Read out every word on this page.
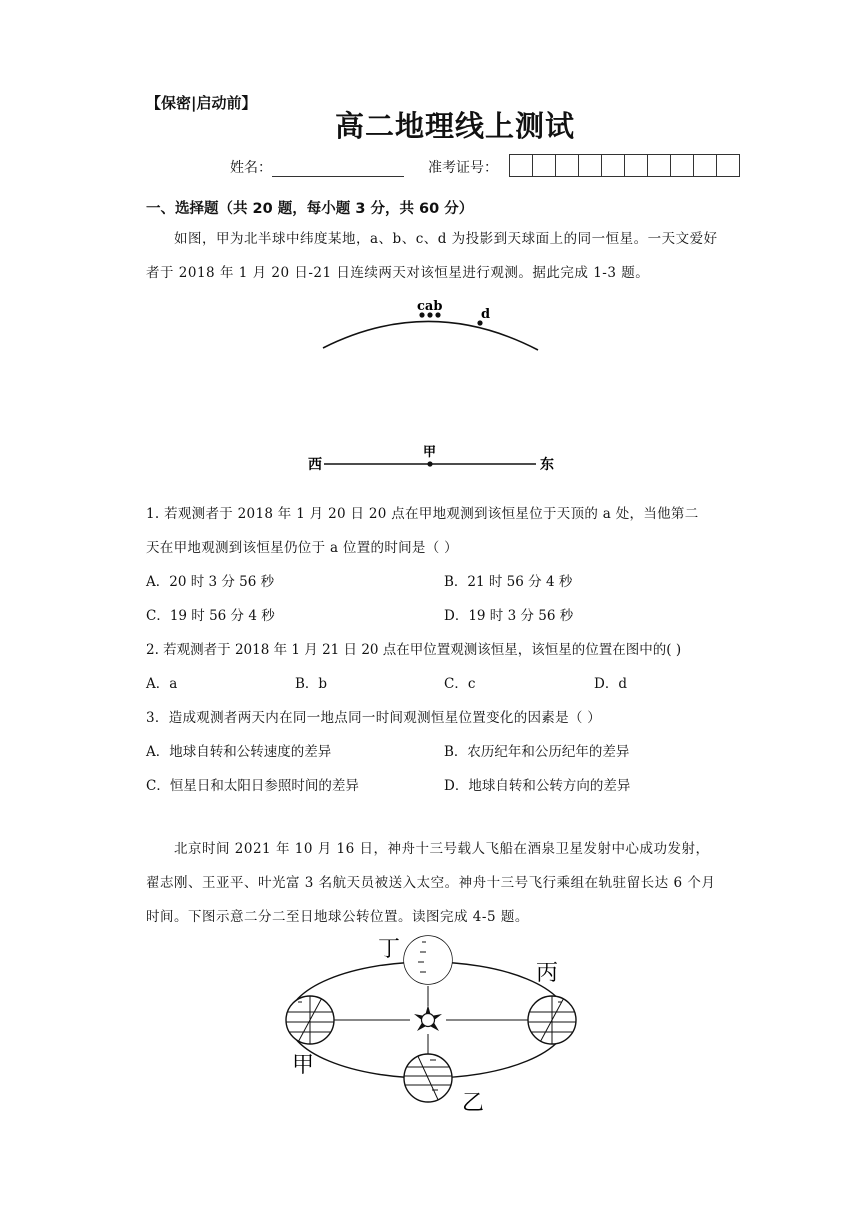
【保密|启动前】
高二地理线上测试
姓名：	准考证号：
一、选择题（共 20 题，每小题 3 分，共 60 分）
如图，甲为北半球中纬度某地，a、b、c、d 为投影到天球面上的同一恒星。一天文爱好者于 2018 年 1 月 20 日-21 日连续两天对该恒星进行观测。据此完成 1-3 题。
cab
d
甲
西	东
1. 若观测者于 2018 年 1 月 20 日 20 点在甲地观测到该恒星位于天顶的 a 处，当他第二
天在甲地观测到该恒星仍位于 a 位置的时间是（ ）
A．20 时 3 分 56 秒	B．21 时 56 分 4 秒
C．19 时 56 分 4 秒	D．19 时 3 分 56 秒
2. 若观测者于 2018 年 1 月 21 日 20 点在甲位置观测该恒星，该恒星的位置在图中的( )
A．a	B．b	C．c	D．d
3．造成观测者两天内在同一地点同一时间观测恒星位置变化的因素是（ ）
A．地球自转和公转速度的差异	B．农历纪年和公历纪年的差异
C．恒星日和太阳日参照时间的差异	D．地球自转和公转方向的差异
北京时间 2021 年 10 月 16 日，神舟十三号载人飞船在酒泉卫星发射中心成功发射，翟志刚、王亚平、叶光富 3 名航天员被送入太空。神舟十三号飞行乘组在轨驻留长达 6 个月时间。下图示意二分二至日地球公转位置。读图完成 4-5 题。
丁
丙
甲
乙
